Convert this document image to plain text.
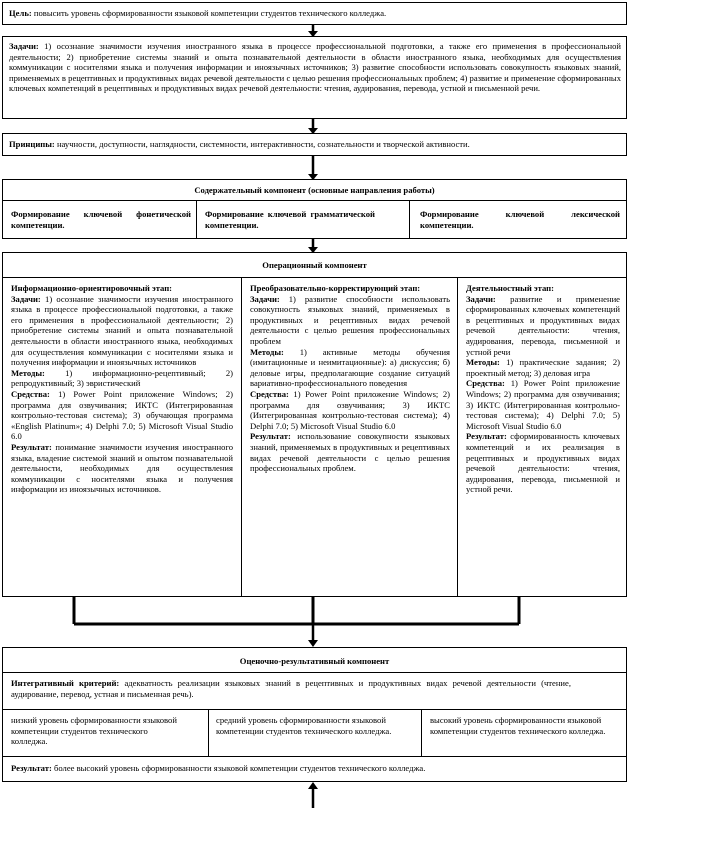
Цель: повысить уровень сформированности языковой компетенции студентов технического колледжа.
Задачи: 1) осознание значимости изучения иностранного языка в процессе профессиональной подготовки, а также его применения в профессиональной деятельности; 2) приобретение системы знаний и опыта познавательной деятельности в области иностранного языка, необходимых для осуществления коммуникации с носителями языка и получения информации и иноязычных источников; 3) развитие способности использовать совокупность языковых знаний, применяемых в рецептивных и продуктивных видах речевой деятельности с целью решения профессиональных проблем; 4) развитие и применение сформированных ключевых компетенций в рецептивных и продуктивных видах речевой деятельности: чтения, аудирования, перевода, устной и письменной речи.
Принципы: научности, доступности, наглядности, системности, интерактивности, сознательности и творческой активности.
Содержательный компонент (основные направления работы)
Формирование ключевой фонетической компетенции.
Формирование ключевой грамматической компетенции.
Формирование ключевой лексической компетенции.
Операционный компонент
Информационно-ориентировочный этап:
Задачи: 1) осознание значимости изучения иностранного языка в процессе профессиональной подготовки, а также его применения в профессиональной деятельности; 2) приобретение системы знаний и опыта познавательной деятельности в области иностранного языка, необходимых для осуществления коммуникации с носителями языка и получения информации и иноязычных источников
Методы: 1) информационно-рецептивный; 2) репродуктивный; 3) эвристический
Средства: 1) Power Point приложение Windows; 2) программа для озвучивания; ИКТС (Интегрированная контрольно-тестовая система); 3) обучающая программа «English Platinum»; 4) Delphi 7.0; 5) Microsoft Visual Studio 6.0
Результат: понимание значимости изучения иностранного языка, владение системой знаний и опытом познавательной деятельности, необходимых для осуществления коммуникации с носителями языка и получения информации из иноязычных источников.
Преобразовательно-корректирующий этап:
Задачи: 1) развитие способности использовать совокупность языковых знаний, применяемых в продуктивных и рецептивных видах речевой деятельности с целью решения профессиональных проблем
Методы: 1) активные методы обучения (имитационные и неимитационные): а) дискуссия; б) деловые игры, предполагающие создание ситуаций вариативно-профессионального поведения
Средства: 1) Power Point приложение Windows; 2) программа для озвучивания; 3) ИКТС (Интегрированная контрольно-тестовая система); 4) Delphi 7.0; 5) Microsoft Visual Studio 6.0
Результат: использование совокупности языковых знаний, применяемых в продуктивных и рецептивных видах речевой деятельности с целью решения профессиональных проблем.
Деятельностный этап:
Задачи: развитие и применение сформированных ключевых компетенций в рецептивных и продуктивных видах речевой деятельности: чтения, аудирования, перевода, письменной и устной речи
Методы: 1) практические задания; 2) проектный метод; 3) деловая игра
Средства: 1) Power Point приложение Windows; 2) программа для озвучивания; 3) ИКТС (Интегрированная контрольно-тестовая система); 4) Delphi 7.0; 5) Microsoft Visual Studio 6.0
Результат: сформированность ключевых компетенций и их реализация в рецептивных и продуктивных видах речевой деятельности: чтения, аудирования, перевода, письменной и устной речи.
Оценочно-результативный компонент
Интегративный критерий: адекватность реализации языковых знаний в рецептивных и продуктивных видах речевой деятельности (чтение, аудирование, перевод, устная и письменная речь).
низкий уровень сформированности языковой компетенции студентов технического колледжа.
средний уровень сформированности языковой компетенции студентов технического колледжа.
высокий уровень сформированности языковой компетенции студентов технического колледжа.
Результат: более высокий уровень сформированности языковой компетенции студентов технического колледжа.
